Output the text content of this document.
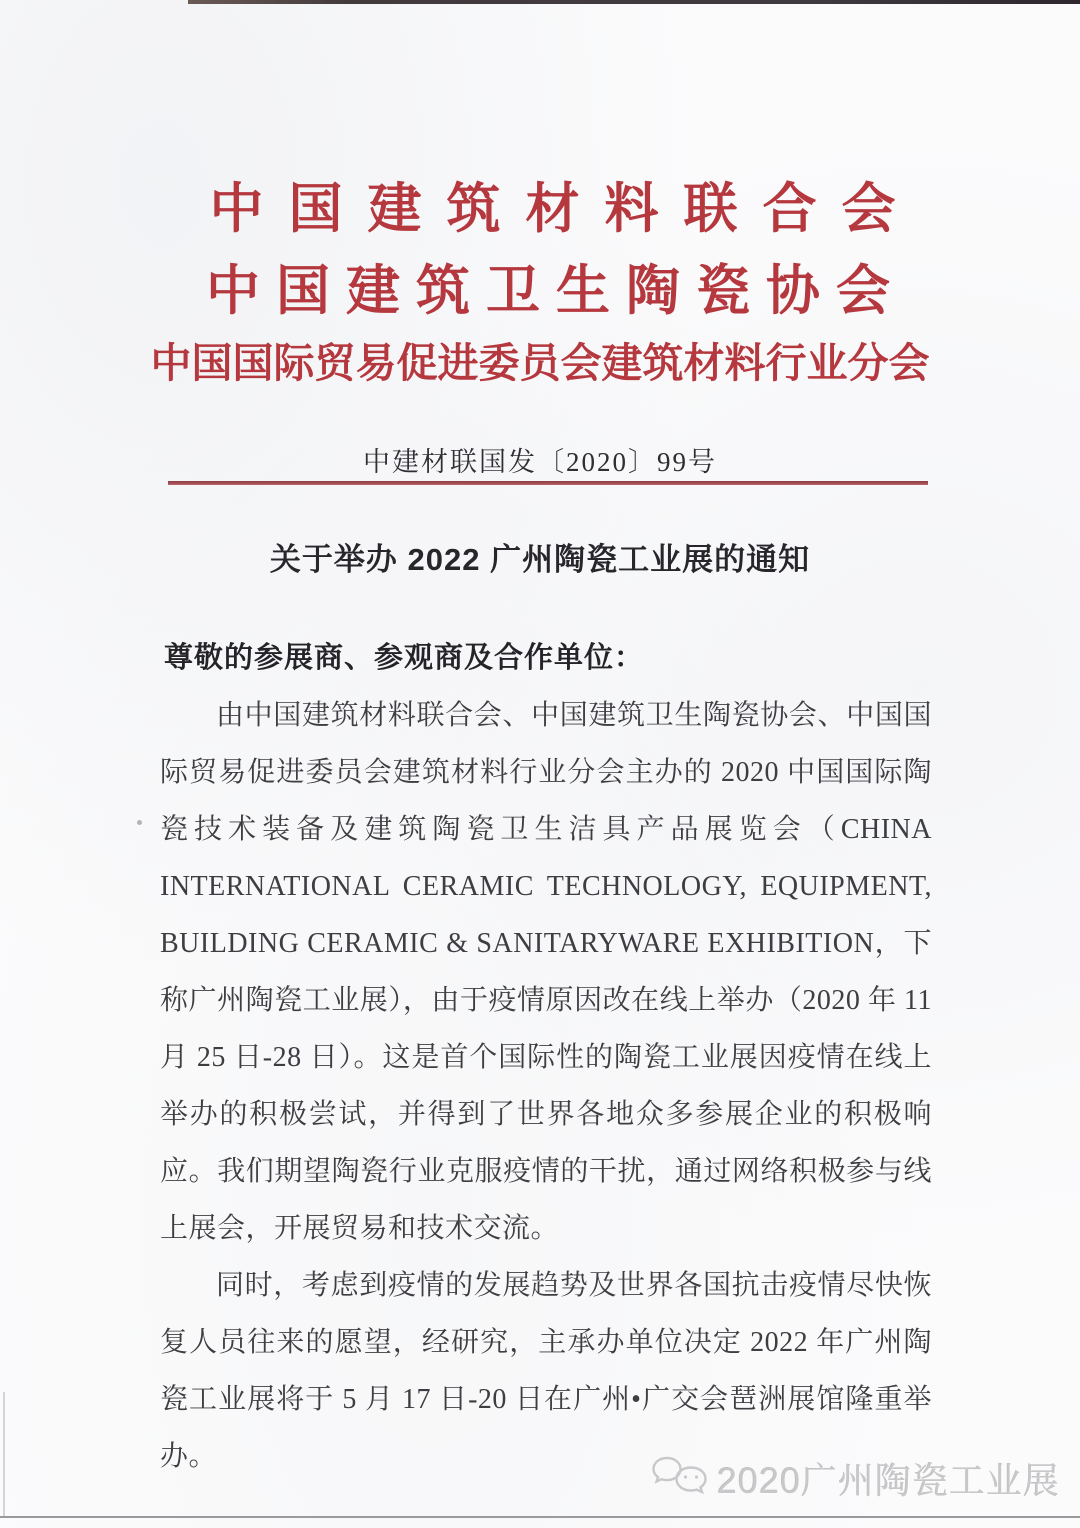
中国建筑材料联合会
中国建筑卫生陶瓷协会
中国国际贸易促进委员会建筑材料行业分会
中建材联国发〔2020〕99号
关于举办 2022 广州陶瓷工业展的通知

尊敬的参展商、参观商及合作单位：

由中国建筑材料联合会、中国建筑卫生陶瓷协会、中国国际贸易促进委员会建筑材料行业分会主办的 2020 中国国际陶瓷技术装备及建筑陶瓷卫生洁具产品展览会（CHINA INTERNATIONAL CERAMIC TECHNOLOGY, EQUIPMENT, BUILDING CERAMIC & SANITARYWARE EXHIBITION，下称广州陶瓷工业展），由于疫情原因改在线上举办（2020 年 11 月 25 日-28 日）。这是首个国际性的陶瓷工业展因疫情在线上举办的积极尝试，并得到了世界各地众多参展企业的积极响应。我们期望陶瓷行业克服疫情的干扰，通过网络积极参与线上展会，开展贸易和技术交流。

同时，考虑到疫情的发展趋势及世界各国抗击疫情尽快恢复人员往来的愿望，经研究，主承办单位决定 2022 年广州陶瓷工业展将于 5 月 17 日-20 日在广州•广交会琶洲展馆隆重举办。

2020广州陶瓷工业展
